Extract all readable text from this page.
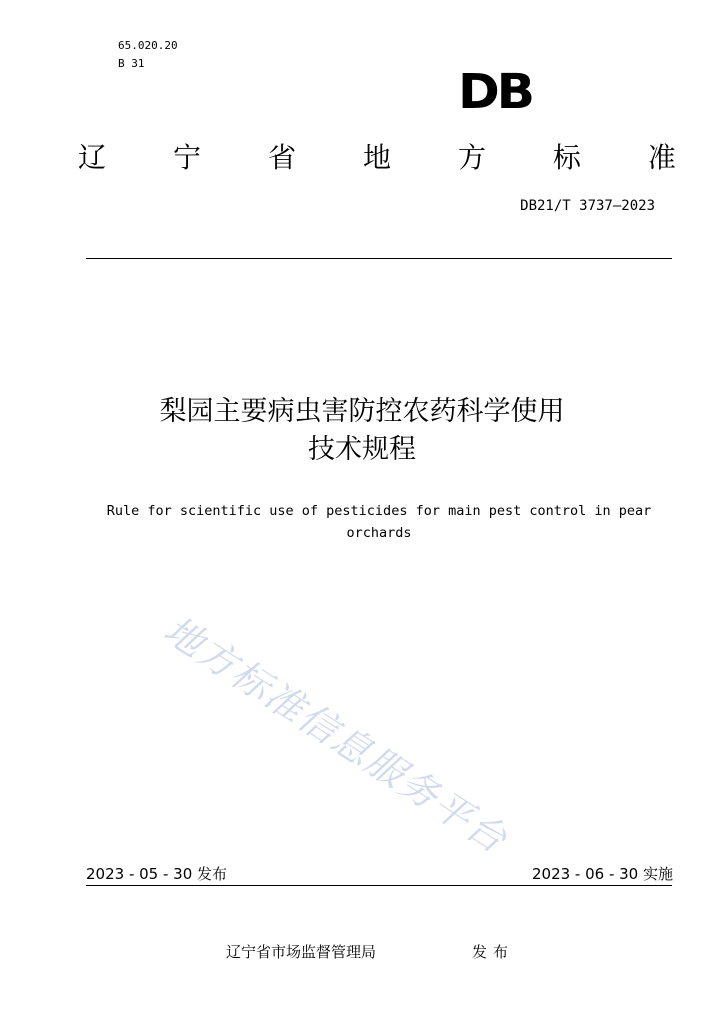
65.020.20
B 31
DB
辽 宁 省 地 方 标 准
DB21/T 3737—2023
梨园主要病虫害防控农药科学使用
技术规程
Rule for scientific use of pesticides for main pest control in pear orchards
地方标准信息服务平台
2023 - 05 - 30 发布	2023 - 06 - 30 实施
辽宁省市场监督管理局	发布
